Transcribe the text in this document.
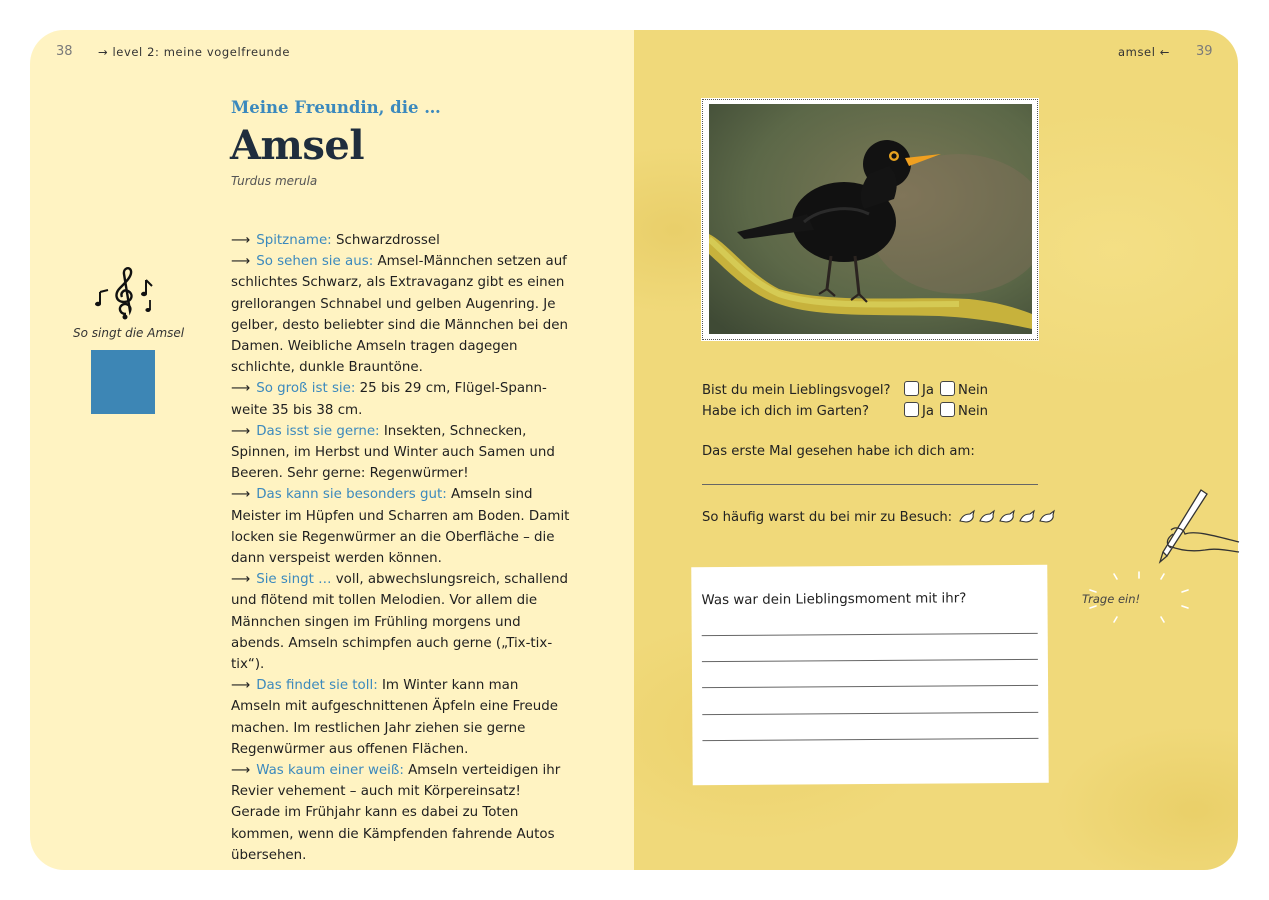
38 → level 2: meine vogelfreunde
Meine Freundin, die …
Amsel
Turdus merula
So singt die Amsel

⟶ Spitzname: Schwarzdrossel

⟶ So sehen sie aus: Amsel-Männchen setzen auf schlichtes Schwarz, als Extravaganz gibt es einen grellorangen Schnabel und gelben Augenring. Je gelber, desto beliebter sind die Männchen bei den Damen. Weibliche Amseln tragen dagegen schlichte, dunkle Brauntöne.

⟶ So groß ist sie: 25 bis 29 cm, Flügel-Spann-weite 35 bis 38 cm.

⟶ Das isst sie gerne: Insekten, Schnecken, Spinnen, im Herbst und Winter auch Samen und Beeren. Sehr gerne: Regenwürmer!

⟶ Das kann sie besonders gut: Amseln sind Meister im Hüpfen und Scharren am Boden. Damit locken sie Regenwürmer an die Oberfläche – die dann verspeist werden können.

⟶ Sie singt … voll, abwechslungsreich, schallend und flötend mit tollen Melodien. Vor allem die Männchen singen im Frühling morgens und abends. Amseln schimpfen auch gerne („Tix-tix-tix“).

⟶ Das findet sie toll: Im Winter kann man Amseln mit aufgeschnittenen Äpfeln eine Freude machen. Im restlichen Jahr ziehen sie gerne Regenwürmer aus offenen Flächen.

⟶ Was kaum einer weiß: Amseln verteidigen ihr Revier vehement – auch mit Körpereinsatz! Gerade im Frühjahr kann es dabei zu Toten kommen, wenn die Kämpfenden fahrende Autos übersehen.

amsel ← 39
Bist du mein Lieblingsvogel? Ja Nein
Habe ich dich im Garten?	Ja Nein
Das erste Mal gesehen habe ich dich am:
So häufig warst du bei mir zu Besuch:
Was war dein Lieblingsmoment mit ihr?	Trage ein!
